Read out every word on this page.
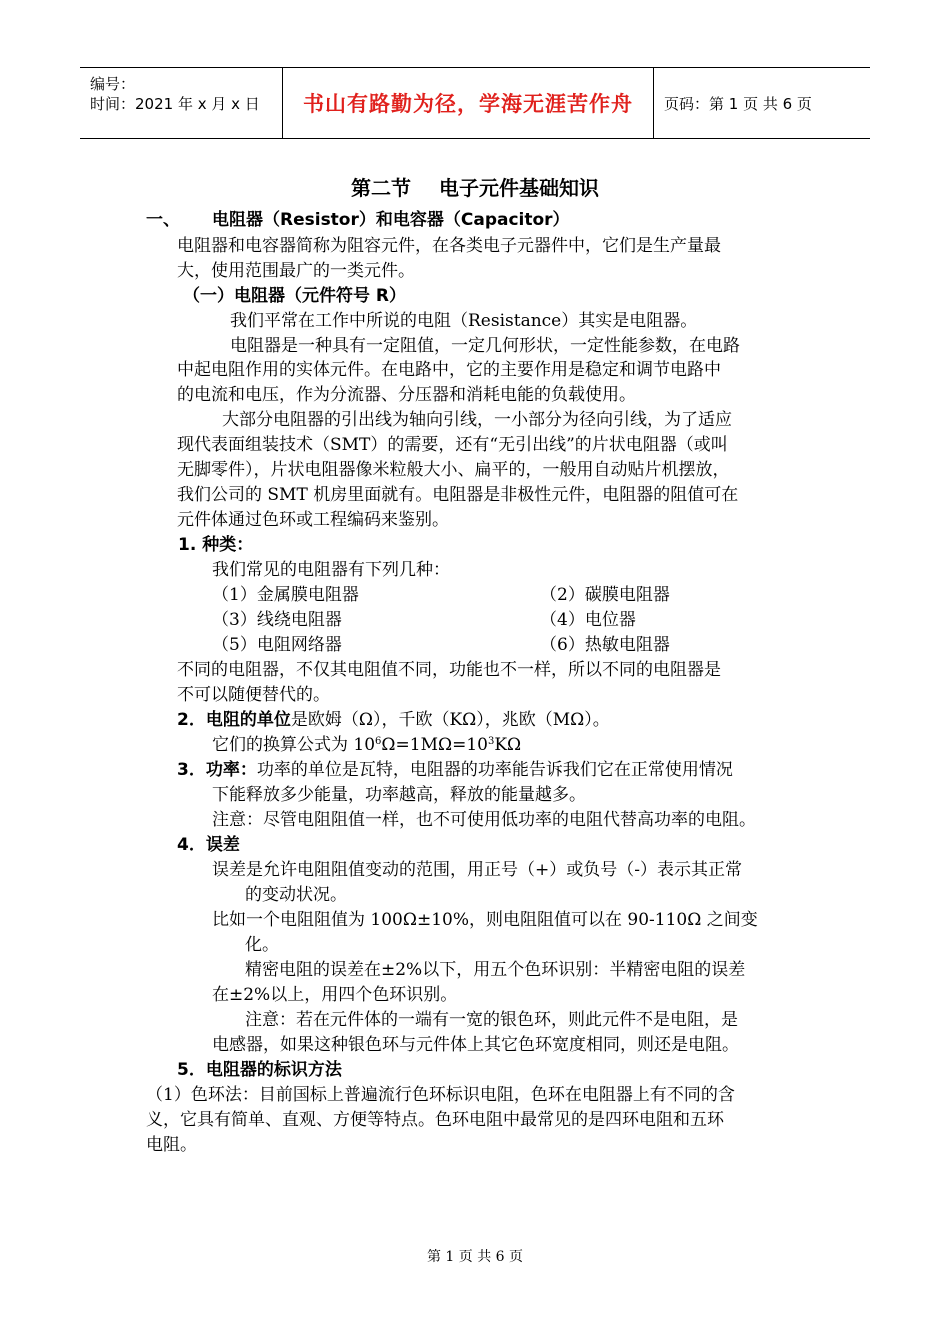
编号：
时间：2021 年 x 月 x 日	书山有路勤为径，学海无涯苦作舟	页码：第 1 页 共 6 页
第二节 电子元件基础知识
一、 电阻器（Resistor）和电容器（Capacitor）
电阻器和电容器简称为阻容元件，在各类电子元器件中，它们是生产量最
大，使用范围最广的一类元件。
（一）电阻器（元件符号 R）
我们平常在工作中所说的电阻（Resistance）其实是电阻器。
电阻器是一种具有一定阻值，一定几何形状，一定性能参数，在电路
中起电阻作用的实体元件。在电路中，它的主要作用是稳定和调节电路中
的电流和电压，作为分流器、分压器和消耗电能的负载使用。
大部分电阻器的引出线为轴向引线，一小部分为径向引线，为了适应
现代表面组装技术（SMT）的需要，还有“无引出线”的片状电阻器（或叫
无脚零件），片状电阻器像米粒般大小、扁平的，一般用自动贴片机摆放，
我们公司的 SMT 机房里面就有。电阻器是非极性元件，电阻器的阻值可在
元件体通过色环或工程编码来鉴别。
1. 种类：
我们常见的电阻器有下列几种：
（1）金属膜电阻器	（2）碳膜电阻器
（3）线绕电阻器	（4）电位器
（5）电阻网络器	（6）热敏电阻器
不同的电阻器，不仅其电阻值不同，功能也不一样，所以不同的电阻器是
不可以随便替代的。
2．电阻的单位是欧姆（Ω），千欧（KΩ），兆欧（MΩ）。
它们的换算公式为 $10^6\Omega=1M\Omega=10^3K\Omega$
3．功率：功率的单位是瓦特，电阻器的功率能告诉我们它在正常使用情况
下能释放多少能量，功率越高，释放的能量越多。
注意：尽管电阻阻值一样，也不可使用低功率的电阻代替高功率的电阻。
4．误差
误差是允许电阻阻值变动的范围，用正号（+）或负号（-）表示其正常
的变动状况。
比如一个电阻阻值为 100Ω±10%，则电阻阻值可以在 90-110Ω 之间变
化。
精密电阻的误差在±2%以下，用五个色环识别：半精密电阻的误差
在±2%以上，用四个色环识别。
注意：若在元件体的一端有一宽的银色环，则此元件不是电阻，是
电感器，如果这种银色环与元件体上其它色环宽度相同，则还是电阻。
5．电阻器的标识方法
（1）色环法：目前国标上普遍流行色环标识电阻，色环在电阻器上有不同的含
义，它具有简单、直观、方便等特点。色环电阻中最常见的是四环电阻和五环
电阻。
第 1 页 共 6 页
